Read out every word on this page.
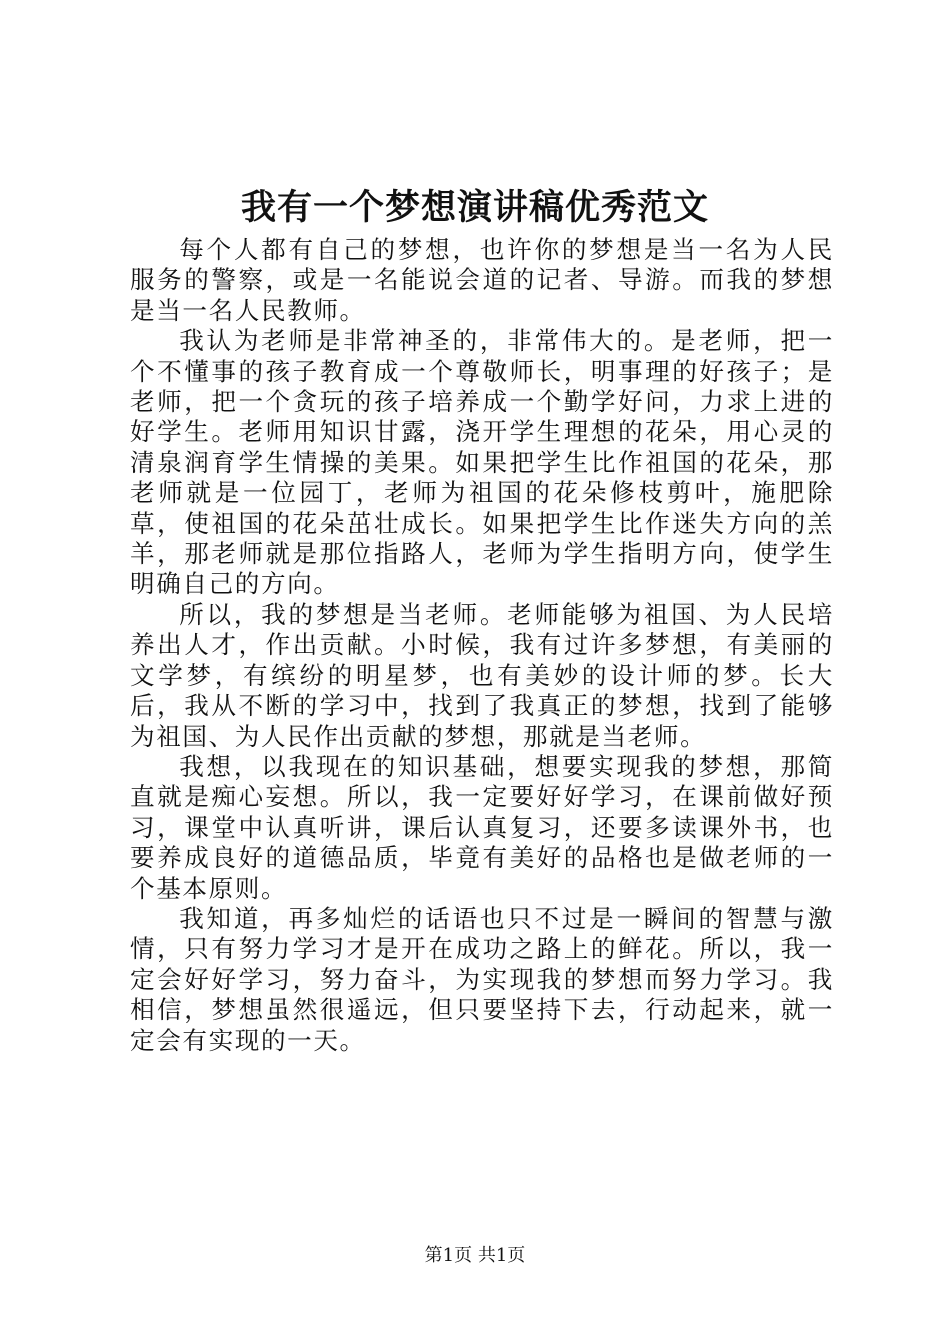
我有一个梦想演讲稿优秀范文

每个人都有自己的梦想，也许你的梦想是当一名为人民服务的警察，或是一名能说会道的记者、导游。而我的梦想是当一名人民教师。

我认为老师是非常神圣的，非常伟大的。是老师，把一个不懂事的孩子教育成一个尊敬师长，明事理的好孩子；是老师，把一个贪玩的孩子培养成一个勤学好问，力求上进的好学生。老师用知识甘露，浇开学生理想的花朵，用心灵的清泉润育学生情操的美果。如果把学生比作祖国的花朵，那老师就是一位园丁，老师为祖国的花朵修枝剪叶，施肥除草，使祖国的花朵茁壮成长。如果把学生比作迷失方向的羔羊，那老师就是那位指路人，老师为学生指明方向，使学生明确自己的方向。

所以，我的梦想是当老师。老师能够为祖国、为人民培养出人才，作出贡献。小时候，我有过许多梦想，有美丽的文学梦，有缤纷的明星梦，也有美妙的设计师的梦。长大后，我从不断的学习中，找到了我真正的梦想，找到了能够为祖国、为人民作出贡献的梦想，那就是当老师。

我想，以我现在的知识基础，想要实现我的梦想，那简直就是痴心妄想。所以，我一定要好好学习，在课前做好预习，课堂中认真听讲，课后认真复习，还要多读课外书，也要养成良好的道德品质，毕竟有美好的品格也是做老师的一个基本原则。

我知道，再多灿烂的话语也只不过是一瞬间的智慧与激情，只有努力学习才是开在成功之路上的鲜花。所以，我一定会好好学习，努力奋斗，为实现我的梦想而努力学习。我相信，梦想虽然很遥远，但只要坚持下去，行动起来，就一定会有实现的一天。

第1页 共1页
